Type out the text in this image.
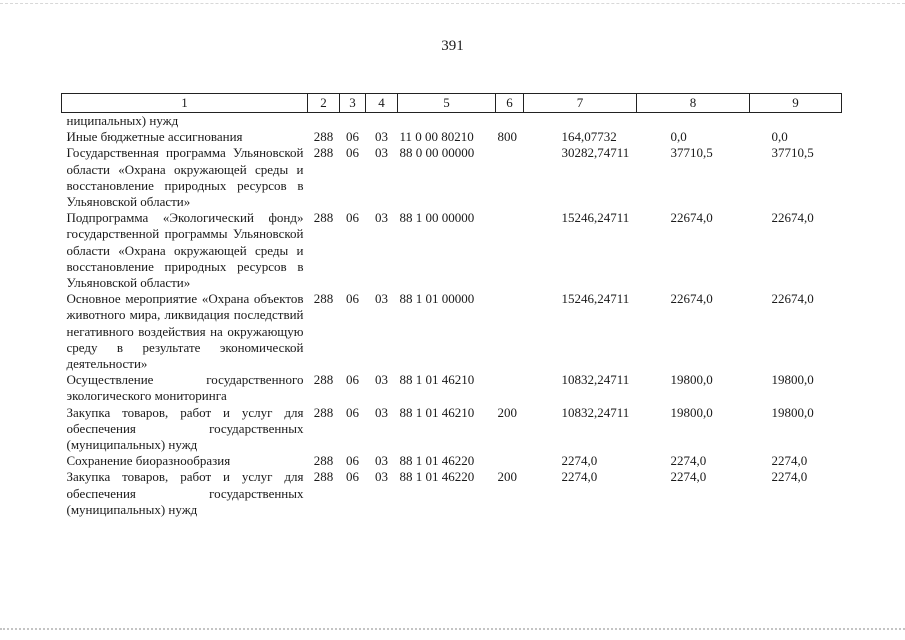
391
1	2	3	4	5	6	7	8	9
ниципальных) нужд								
Иные бюджетные ассигнования	288	06	03	11 0 00 80210	800	164,07732	0,0	0,0
Государственная программа Ульяновской области «Охрана окружающей среды и восстановление природных ресурсов в Ульяновской области»	288	06	03	88 0 00 00000		30282,74711	37710,5	37710,5
Подпрограмма «Экологический фонд» государственной программы Ульяновской области «Охрана окружающей среды и восстановление природных ресурсов в Ульяновской области»	288	06	03	88 1 00 00000		15246,24711	22674,0	22674,0
Основное мероприятие «Охрана объектов животного мира, ликвидация последствий негативного воздействия на окружающую среду в результате экономической деятельности»	288	06	03	88 1 01 00000		15246,24711	22674,0	22674,0
Осуществление государственного экологического мониторинга	288	06	03	88 1 01 46210		10832,24711	19800,0	19800,0
Закупка товаров, работ и услуг для обеспечения государственных (муниципальных) нужд	288	06	03	88 1 01 46210	200	10832,24711	19800,0	19800,0
Сохранение биоразнообразия	288	06	03	88 1 01 46220		2274,0	2274,0	2274,0
Закупка товаров, работ и услуг для обеспечения государственных (муниципальных) нужд	288	06	03	88 1 01 46220	200	2274,0	2274,0	2274,0
